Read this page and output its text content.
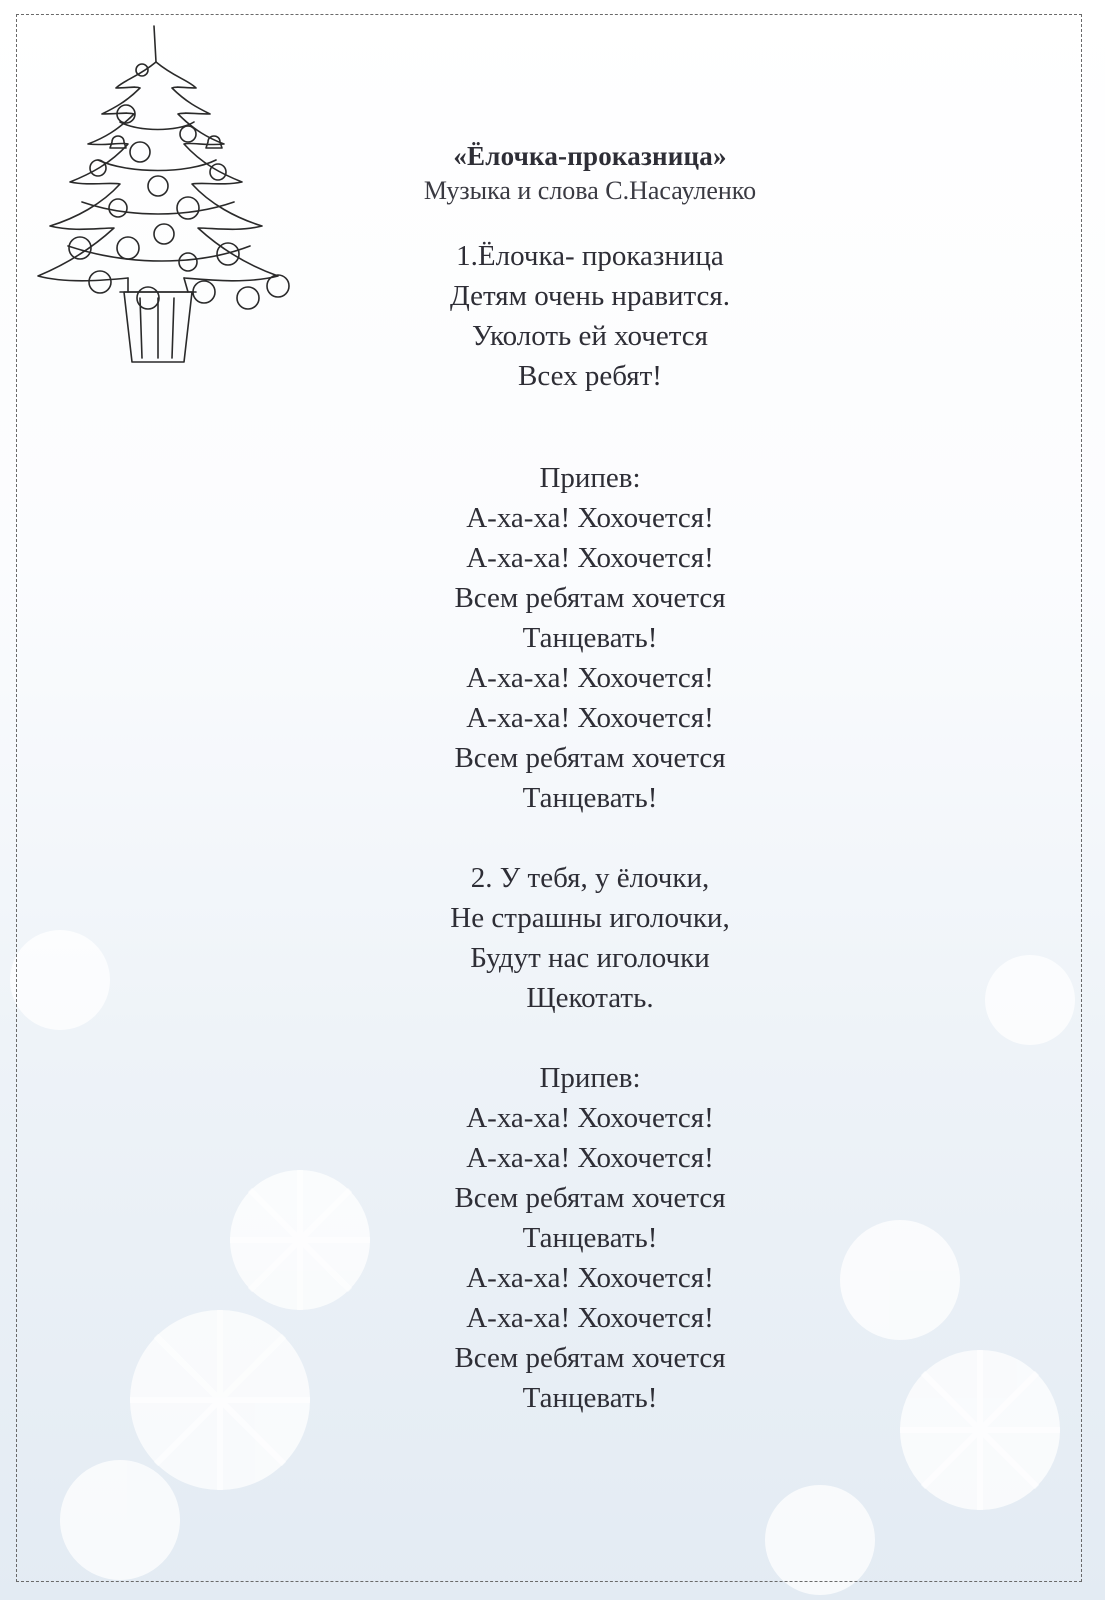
«Ёлочка-проказница»

Музыка и слова С.Насауленко

1.Ёлочка- проказница
Детям очень нравится.
Уколоть ей хочется
Всех ребят!
Припев:
А-ха-ха! Хохочется!
А-ха-ха! Хохочется!
Всем ребятам хочется
Танцевать!
А-ха-ха! Хохочется!
А-ха-ха! Хохочется!
Всем ребятам хочется
Танцевать!
2. У тебя, у ёлочки,
Не страшны иголочки,
Будут нас иголочки
Щекотать.
Припев:
А-ха-ха! Хохочется!
А-ха-ха! Хохочется!
Всем ребятам хочется
Танцевать!
А-ха-ха! Хохочется!
А-ха-ха! Хохочется!
Всем ребятам хочется
Танцевать!
